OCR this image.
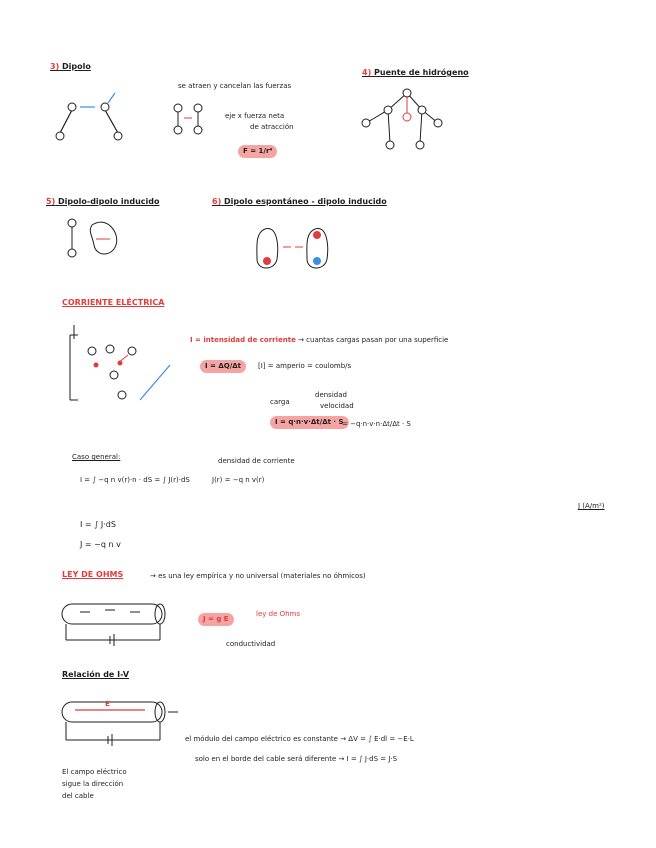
3) Dipolo
se atraen y cancelan las fuerzas
eje x fuerza neta
de atracción
F = 1/r⁴
4) Puente de hidrógeno
5) Dipolo-dipolo inducido	6) Dipolo espontáneo - dipolo inducido
CORRIENTE ELÉCTRICA
I = intensidad de corriente → cuantas cargas pasan por una superficie
I = ΔQ/Δt	[I] = amperio = coulomb/s
carga
densidad
velocidad
I = q·n·v·Δt/Δt · S
= −q·n·v·n·Δt/Δt · S
Caso general:	densidad de corriente
I = ∫ −q n v(r)·n · dS = ∫ J(r)·dS	J(r) = −q n v(r)
J (A/m²)
I = ∫ J·dS
J = −q n v
LEY DE OHMS	→ es una ley empírica y no universal (materiales no óhmicos)
J = g E
ley de Ohms
conductividad
Relación de I-V
E
el módulo del campo eléctrico es constante → ΔV = ∫ E·dl = −E·L
solo en el borde del cable será diferente → I = ∫ J·dS = J·S
El campo eléctrico
sigue la dirección
del cable
